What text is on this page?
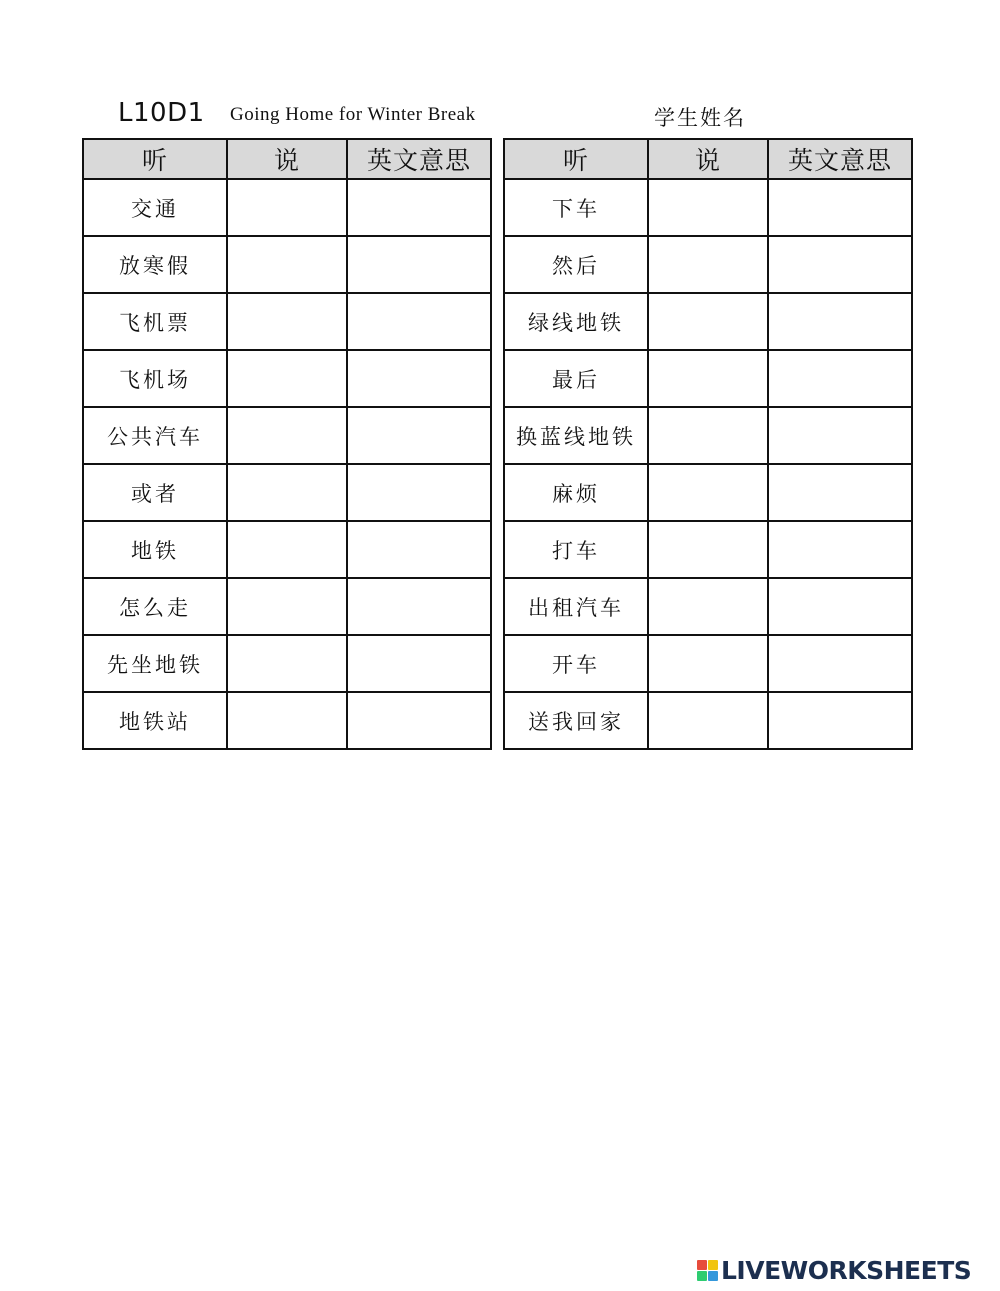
L10D1 Going Home for Winter Break	学生姓名
听	说	英文意思
交通		
放寒假		
飞机票		
飞机场		
公共汽车		
或者		
地铁		
怎么走		
先坐地铁		
地铁站		
听	说	英文意思
下车		
然后		
绿线地铁		
最后		
换蓝线地铁		
麻烦		
打车		
出租汽车		
开车		
送我回家		
LIVEWORKSHEETS
